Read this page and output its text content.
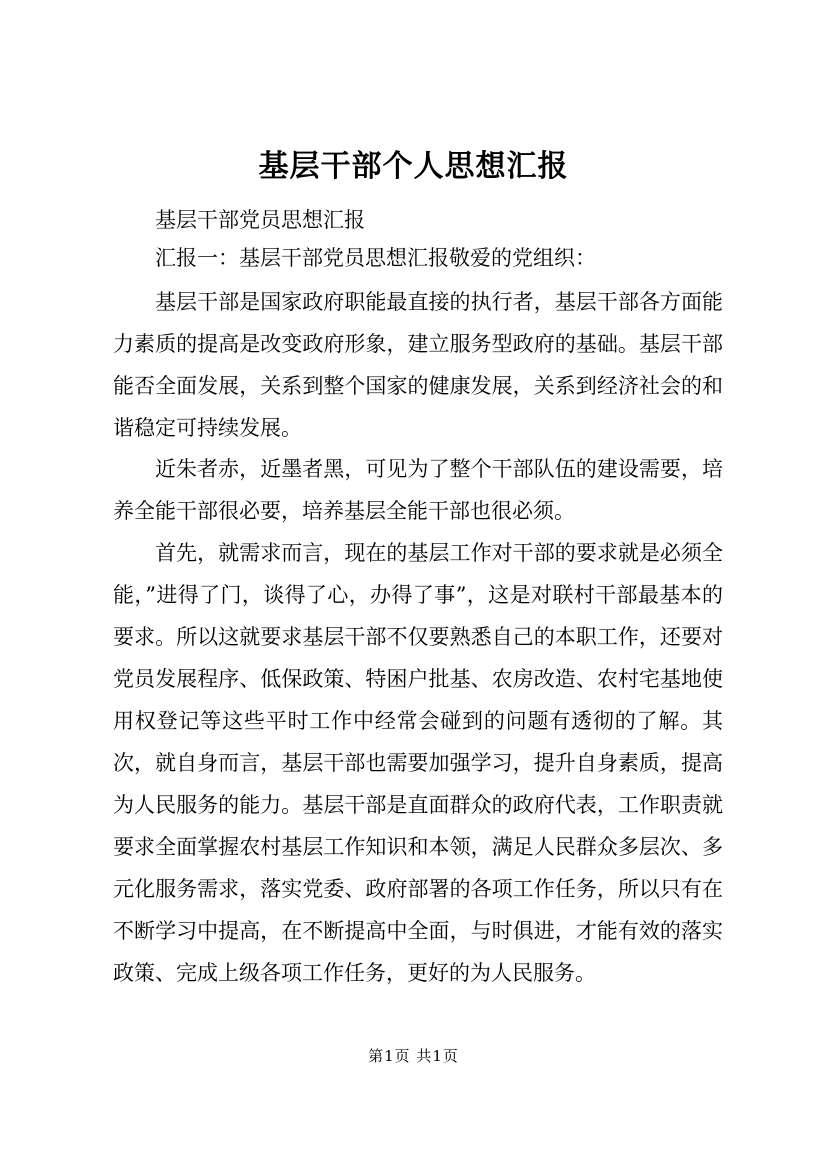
基层干部个人思想汇报
基层干部党员思想汇报
汇报一：基层干部党员思想汇报敬爱的党组织：

基层干部是国家政府职能最直接的执行者，基层干部各方面能力素质的提高是改变政府形象，建立服务型政府的基础。基层干部能否全面发展，关系到整个国家的健康发展，关系到经济社会的和谐稳定可持续发展。

近朱者赤，近墨者黑，可见为了整个干部队伍的建设需要，培养全能干部很必要，培养基层全能干部也很必须。

首先，就需求而言，现在的基层工作对干部的要求就是必须全能，”进得了门，谈得了心，办得了事”，这是对联村干部最基本的要求。所以这就要求基层干部不仅要熟悉自己的本职工作，还要对党员发展程序、低保政策、特困户批基、农房改造、农村宅基地使用权登记等这些平时工作中经常会碰到的问题有透彻的了解。其次，就自身而言，基层干部也需要加强学习，提升自身素质，提高为人民服务的能力。基层干部是直面群众的政府代表，工作职责就要求全面掌握农村基层工作知识和本领，满足人民群众多层次、多元化服务需求，落实党委、政府部署的各项工作任务，所以只有在不断学习中提高，在不断提高中全面，与时俱进，才能有效的落实政策、完成上级各项工作任务，更好的为人民服务。

第1页 共1页
